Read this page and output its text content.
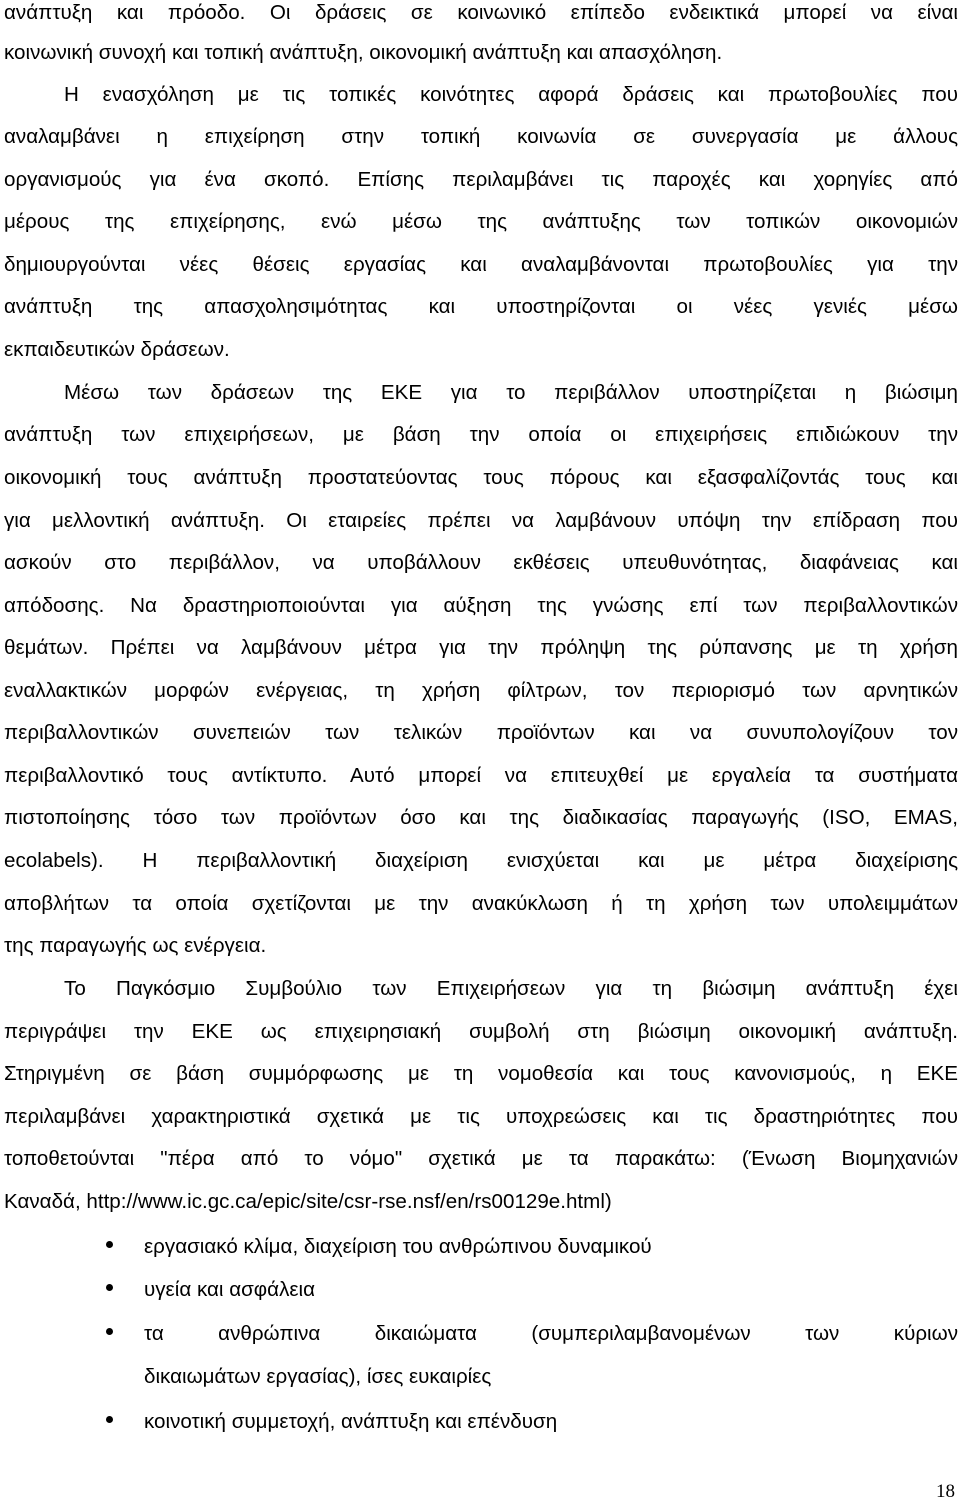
ανάπτυξη και πρόοδο. Οι δράσεις σε κοινωνικό επίπεδο ενδεικτικά μπορεί να είναι
κοινωνική συνοχή και τοπική ανάπτυξη, οικονομική ανάπτυξη και απασχόληση.
Η ενασχόληση με τις τοπικές κοινότητες αφορά δράσεις και πρωτοβουλίες που
αναλαμβάνει η επιχείρηση στην τοπική κοινωνία σε συνεργασία με άλλους
οργανισμούς για ένα σκοπό. Επίσης περιλαμβάνει τις παροχές και χορηγίες από
μέρους της επιχείρησης, ενώ μέσω της ανάπτυξης των τοπικών οικονομιών
δημιουργούνται νέες θέσεις εργασίας και αναλαμβάνονται πρωτοβουλίες για την
ανάπτυξη της απασχολησιμότητας και υποστηρίζονται οι νέες γενιές μέσω
εκπαιδευτικών δράσεων.
Μέσω των δράσεων της ΕΚΕ για το περιβάλλον υποστηρίζεται η βιώσιμη
ανάπτυξη των επιχειρήσεων, με βάση την οποία οι επιχειρήσεις επιδιώκουν την
οικονομική τους ανάπτυξη προστατεύοντας τους πόρους και εξασφαλίζοντάς τους και
για μελλοντική ανάπτυξη. Οι εταιρείες πρέπει να λαμβάνουν υπόψη την επίδραση που
ασκούν στο περιβάλλον, να υποβάλλουν εκθέσεις υπευθυνότητας, διαφάνειας και
απόδοσης. Να δραστηριοποιούνται για αύξηση της γνώσης επί των περιβαλλοντικών
θεμάτων. Πρέπει να λαμβάνουν μέτρα για την πρόληψη της ρύπανσης με τη χρήση
εναλλακτικών μορφών ενέργειας, τη χρήση φίλτρων, τον περιορισμό των αρνητικών
περιβαλλοντικών συνεπειών των τελικών προϊόντων και να συνυπολογίζουν τον
περιβαλλοντικό τους αντίκτυπο. Αυτό μπορεί να επιτευχθεί με εργαλεία τα συστήματα
πιστοποίησης τόσο των προϊόντων όσο και της διαδικασίας παραγωγής (ISO, EMAS,
ecolabels). Η περιβαλλοντική διαχείριση ενισχύεται και με μέτρα διαχείρισης
αποβλήτων τα οποία σχετίζονται με την ανακύκλωση ή τη χρήση των υπολειμμάτων
της παραγωγής ως ενέργεια.
Το Παγκόσμιο Συμβούλιο των Επιχειρήσεων για τη βιώσιμη ανάπτυξη έχει
περιγράψει την ΕΚΕ ως επιχειρησιακή συμβολή στη βιώσιμη οικονομική ανάπτυξη.
Στηριγμένη σε βάση συμμόρφωσης με τη νομοθεσία και τους κανονισμούς, η ΕΚΕ
περιλαμβάνει χαρακτηριστικά σχετικά με τις υποχρεώσεις και τις δραστηριότητες που
τοποθετούνται "πέρα από το νόμο" σχετικά με τα παρακάτω: (Ένωση Βιομηχανιών
Καναδά, http://www.ic.gc.ca/epic/site/csr-rse.nsf/en/rs00129e.html)
εργασιακό κλίμα, διαχείριση του ανθρώπινου δυναμικού
υγεία και ασφάλεια
τα ανθρώπινα δικαιώματα (συμπεριλαμβανομένων των κύριων
δικαιωμάτων εργασίας), ίσες ευκαιρίες
κοινοτική συμμετοχή, ανάπτυξη και επένδυση
18
